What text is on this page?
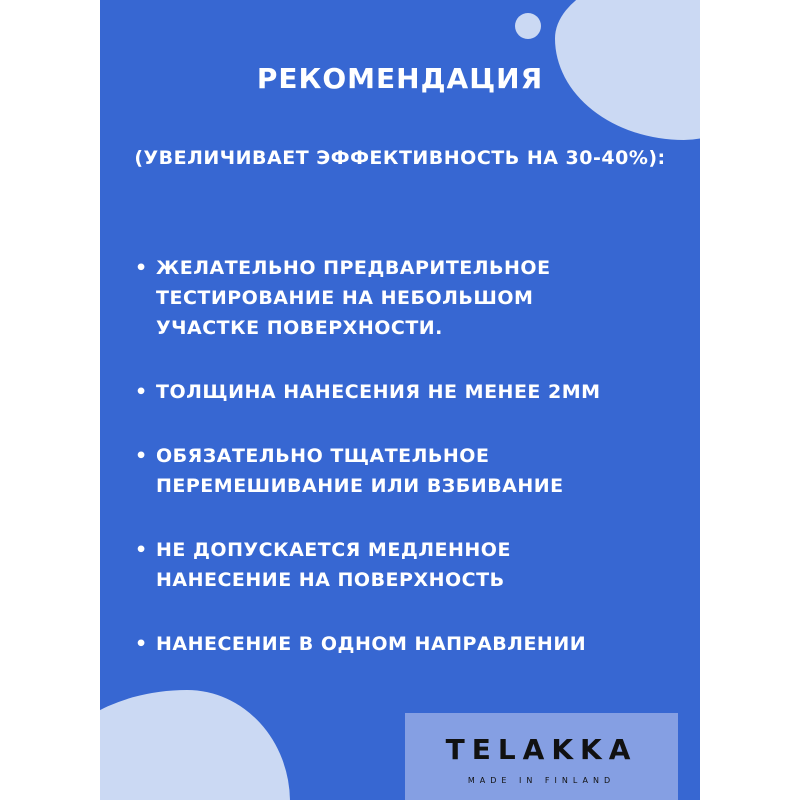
РЕКОМЕНДАЦИЯ

(УВЕЛИЧИВАЕТ ЭФФЕКТИВНОСТЬ НА 30-40%):

• ЖЕЛАТЕЛЬНО ПРЕДВАРИТЕЛЬНОЕ
ТЕСТИРОВАНИЕ НА НЕБОЛЬШОМ
УЧАСТКЕ ПОВЕРХНОСТИ.
• ТОЛЩИНА НАНЕСЕНИЯ НЕ МЕНЕЕ 2ММ
• ОБЯЗАТЕЛЬНО ТЩАТЕЛЬНОЕ
ПЕРЕМЕШИВАНИЕ ИЛИ ВЗБИВАНИЕ
• НЕ ДОПУСКАЕТСЯ МЕДЛЕННОЕ
НАНЕСЕНИЕ НА ПОВЕРХНОСТЬ
• НАНЕСЕНИЕ В ОДНОМ НАПРАВЛЕНИИ

TELAKKA

MADE IN FINLAND
